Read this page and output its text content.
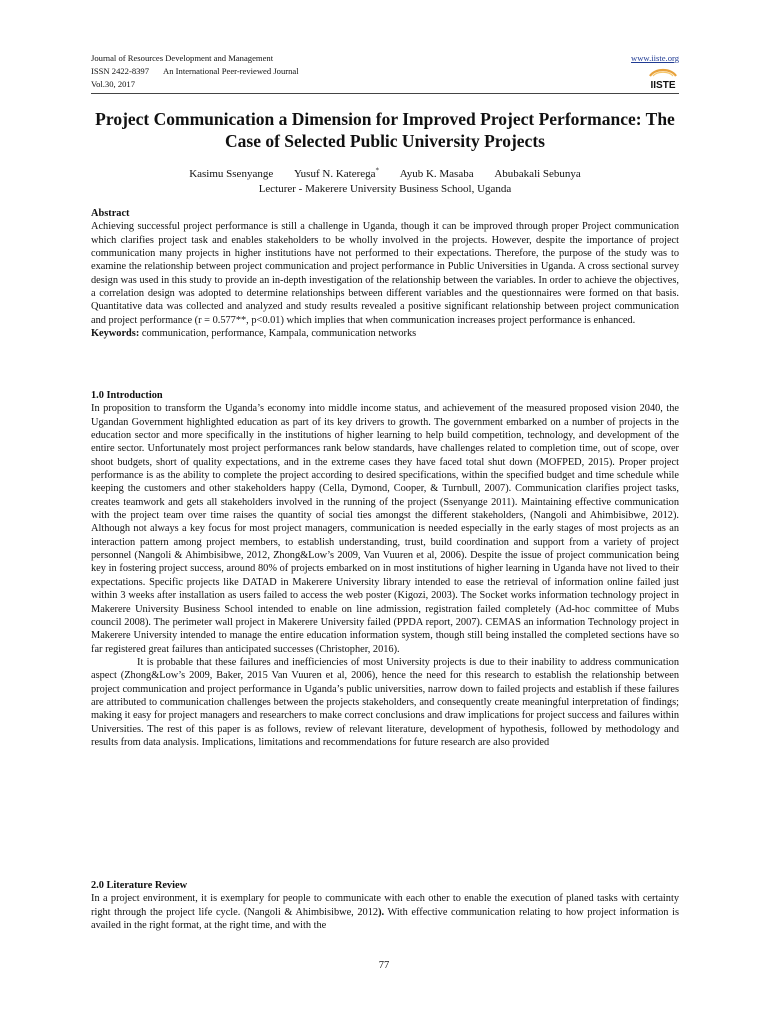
Journal of Resources Development and Management
ISSN 2422-8397 An International Peer-reviewed Journal
Vol.30, 2017
www.iiste.org
IISTE
Project Communication a Dimension for Improved Project Performance: The Case of Selected Public University Projects
Kasimu Ssenyange Yusuf N. Katerega* Ayub K. Masaba Abubakali Sebunya
Lecturer - Makerere University Business School, Uganda
Abstract

Achieving successful project performance is still a challenge in Uganda, though it can be improved through proper Project communication which clarifies project task and enables stakeholders to be wholly involved in the projects. However, despite the importance of project communication many projects in higher institutions have not performed to their expectations. Therefore, the purpose of the study was to examine the relationship between project communication and project performance in Public Universities in Uganda. A cross sectional survey design was used in this study to provide an in-depth investigation of the relationship between the variables. In order to achieve the objectives, a correlation design was adopted to determine relationships between different variables and the questionnaires were formed on that basis. Quantitative data was collected and analyzed and study results revealed a positive significant relationship between project communication and project performance (r = 0.577**, p<0.01) which implies that when communication increases project performance is enhanced.

Keywords: communication, performance, Kampala, communication networks

1.0 Introduction

In proposition to transform the Uganda’s economy into middle income status, and achievement of the measured proposed vision 2040, the Ugandan Government highlighted education as part of its key drivers to growth. The government embarked on a number of projects in the education sector and more specifically in the institutions of higher learning to help build competition, technology, and development of the entire sector. Unfortunately most project performances rank below standards, have challenges related to completion time, out of scope, over shoot budgets, short of quality expectations, and in the extreme cases they have faced total shut down (MOFPED, 2015). Proper project performance is as the ability to complete the project according to desired specifications, within the specified budget and time schedule while keeping the customers and other stakeholders happy (Cella, Dymond, Cooper, & Turnbull, 2007). Communication clarifies project tasks, creates teamwork and gets all stakeholders involved in the running of the project (Ssenyange 2011). Maintaining effective communication with the project team over time raises the quantity of social ties amongst the different stakeholders, (Nangoli and Ahimbisibwe, 2012). Although not always a key focus for most project managers, communication is needed especially in the early stages of most projects as an interaction pattern among project members, to establish understanding, trust, build coordination and support from a variety of project personnel (Nangoli & Ahimbisibwe, 2012, Zhong&Low’s 2009, Van Vuuren et al, 2006). Despite the issue of project communication being key in fostering project success, around 80% of projects embarked on in most institutions of higher learning in Uganda have not lived to their expectations. Specific projects like DATAD in Makerere University library intended to ease the retrieval of information online failed just within 3 weeks after installation as users failed to access the web poster (Kigozi, 2003). The Socket works information technology project in Makerere University Business School intended to enable on line admission, registration failed completely (Ad-hoc committee of Mubs council 2008). The perimeter wall project in Makerere University failed (PPDA report, 2007). CEMAS an information Technology project in Makerere University intended to manage the entire education information system, though still being installed the completed sections have so far registered great failures than anticipated successes (Christopher, 2016).

It is probable that these failures and inefficiencies of most University projects is due to their inability to address communication aspect (Zhong&Low’s 2009, Baker, 2015 Van Vuuren et al, 2006), hence the need for this research to establish the relationship between project communication and project performance in Uganda’s public universities, narrow down to failed projects and establish if these failures are attributed to communication challenges between the projects stakeholders, and consequently create meaningful interpretation of findings; making it easy for project managers and researchers to make correct conclusions and draw implications for project success and failures within Universities. The rest of this paper is as follows, review of relevant literature, development of hypothesis, followed by methodology and results from data analysis. Implications, limitations and recommendations for future research are also provided

2.0 Literature Review

In a project environment, it is exemplary for people to communicate with each other to enable the execution of planed tasks with certainty right through the project life cycle. (Nangoli & Ahimbisibwe, 2012). With effective communication relating to how project information is availed in the right format, at the right time, and with the

77
